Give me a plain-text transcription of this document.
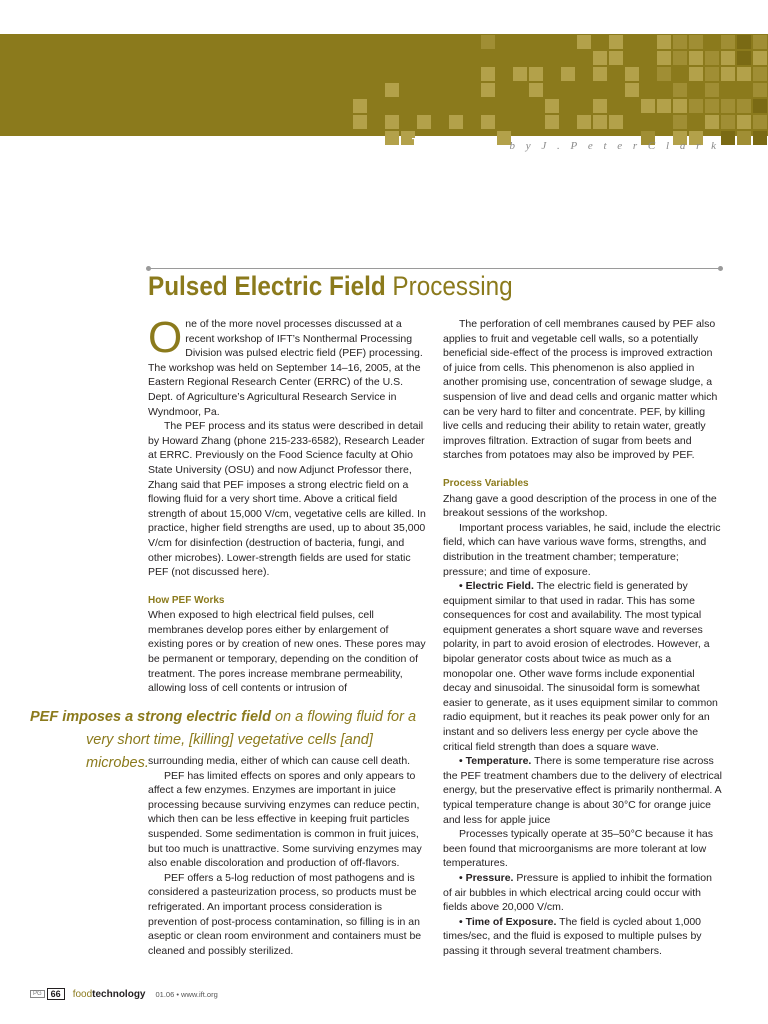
[ P R O C E S S I N G ]	b y J . P e t e r C l a r k
Pulsed Electric Field Processing

One of the more novel processes discussed at a recent workshop of IFT’s Nonthermal Processing Division was pulsed electric field (PEF) processing. The workshop was held on September 14–16, 2005, at the Eastern Regional Research Center (ERRC) of the U.S. Dept. of Agriculture’s Agricultural Research Service in Wyndmoor, Pa.

The PEF process and its status were described in detail by Howard Zhang (phone 215-233-6582), Research Leader at ERRC. Previously on the Food Science faculty at Ohio State University (OSU) and now Adjunct Professor there, Zhang said that PEF imposes a strong electric field on a flowing fluid for a very short time. Above a critical field strength of about 15,000 V/cm, vegetative cells are killed. In practice, higher field strengths are used, up to about 35,000 V/cm for disinfection (destruction of bacteria, fungi, and other microbes). Lower-strength fields are used for static PEF (not discussed here).

How PEF Works

When exposed to high electrical field pulses, cell membranes develop pores either by enlargement of existing pores or by creation of new ones. These pores may be permanent or temporary, depending on the condition of treatment. The pores increase membrane permeability, allowing loss of cell contents or intrusion of

PEF imposes a strong electric field on a flowing fluid for a
very short time, [killing] vegetative cells [and] microbes. surrounding media, either of which can cause cell death.

PEF has limited effects on spores and only appears to affect a few enzymes. Enzymes are important in juice processing because surviving enzymes can reduce pectin, which then can be less effective in keeping fruit particles suspended. Some sedimentation is common in fruit juices, but too much is unattractive. Some surviving enzymes may also enable discoloration and production of off-flavors.

PEF offers a 5-log reduction of most pathogens and is considered a pasteurization process, so products must be refrigerated. An important process consideration is prevention of post-process contamination, so filling is in an aseptic or clean room environment and containers must be cleaned and possibly sterilized.

The perforation of cell membranes caused by PEF also applies to fruit and vegetable cell walls, so a potentially beneficial side-effect of the process is improved extraction of juice from cells. This phenomenon is also applied in another promising use, concentration of sewage sludge, a suspension of live and dead cells and organic matter which can be very hard to filter and concentrate. PEF, by killing live cells and reducing their ability to retain water, greatly improves filtration. Extraction of sugar from beets and starches from potatoes may also be improved by PEF.

Process Variables

Zhang gave a good description of the process in one of the breakout sessions of the workshop.

Important process variables, he said, include the electric field, which can have various wave forms, strengths, and distribution in the treatment chamber; temperature; pressure; and time of exposure.

• Electric Field. The electric field is generated by equipment similar to that used in radar. This has some consequences for cost and availability. The most typical equipment generates a short square wave and reverses polarity, in part to avoid erosion of electrodes. However, a bipolar generator costs about twice as much as a monopolar one. Other wave forms include exponential decay and sinusoidal. The sinusoidal form is somewhat easier to generate, as it uses equipment similar to common radio equipment, but it reaches its peak power only for an instant and so delivers less energy per cycle above the critical field strength than does a square wave.

• Temperature. There is some temperature rise across the PEF treatment chambers due to the delivery of electrical energy, but the preservative effect is primarily nonthermal. A typical temperature change is about 30°C for orange juice and less for apple juice

Processes typically operate at 35–50°C because it has been found that microorganisms are more tolerant at low temperatures.

• Pressure. Pressure is applied to inhibit the formation of air bubbles in which electrical arcing could occur with fields above 20,000 V/cm.

• Time of Exposure. The field is cycled about 1,000 times/sec, and the fluid is exposed to multiple pulses by passing it through several treatment chambers.

PG	66	foodtechnology 01.06 • www.ift.org
